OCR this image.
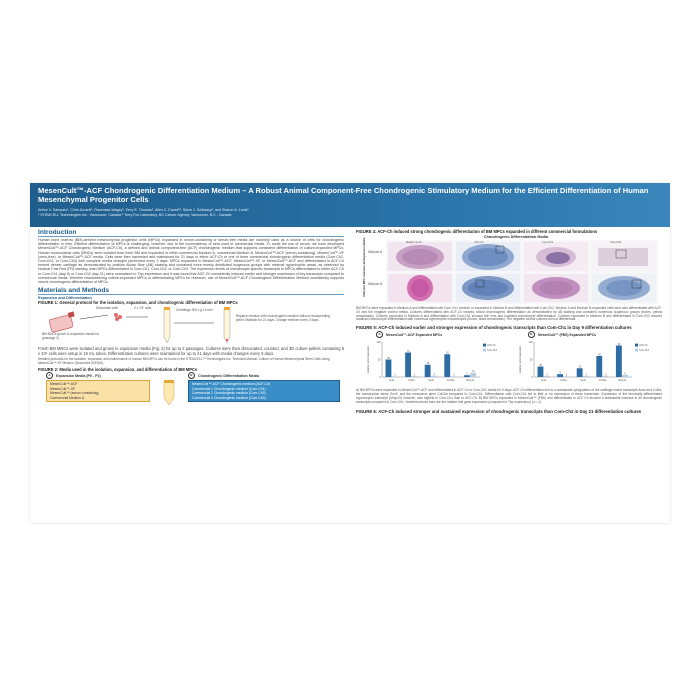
MesenCult™-ACF Chondrogenic Differentiation Medium – A Robust Animal Component-Free Chondrogenic Stimulatory Medium for the Efficient Differentiation of Human Mesenchymal Progenitor Cells
Arthur V. Sampaio¹, Chris Duranti¹, Ravenska Wagey¹, Terry E. Thomas¹, Allen C. Eaves¹², Steve J. Szilvassy¹, and Sharon A. Louis¹
¹ STEMCELL Technologies Inc., Vancouver, Canada ² Terry Fox Laboratory, BC Cancer Agency, Vancouver, B.C., Canada
Introduction

Human bone marrow (BM)-derived mesenchymal progenitor cells (MPCs) expanded in serum-containing or serum-free media are routinely used as a source of cells for chondrogenic differentiation in vitro. Efficient differentiation of MPCs is challenging, however, due to the inconsistency of sera used in commercial media. To avoid the use of serum, we have developed MesenCult™-ACF Chondrogenic Medium (ACF-Ch), a defined and animal component-free (ACF) chondrogenic medium that supports consistent differentiation of culture-expanded MPCs. Human mononuclear cells (MNCs) were isolated from fresh BM and expanded in either commercial Medium A, commercial Medium B, MesenCult™-ACF (serum-containing), MesenCult™-XF (xeno-free), or MesenCult™-ACF media. Cells were then harvested and maintained for 21 days in either ACF-Ch or one of three commercial chondrogenic differentiation media (Com-Ch1, Com-Ch2, or Com-Ch3) with complete media changes performed every 3 days. MPCs expanded in MesenCult™-ACF, MesenCult™-XF, or MesenCult™-ACF and differentiated in ACF-Ch formed denser cartilage as demonstrated by positive Alcian Blue (AB) staining and contained more evenly distributed isogenous groups with minimal hypertrophic areas, as observed by Nuclear Fast Red (FR) staining, than MPCs differentiated in Com-Ch1, Com-Ch2, or Com-Ch3. The expression levels of chondrocyte-specific transcripts in MPCs differentiated in either ACF-Ch or Com-Ch1 (day 9) or Com-Ch2 (day 21) were normalized to Tbp expression and it was found that ACF-Ch consistently induced earlier and stronger expression of key transcripts compared to commercial media. Whether characterizing culture-expanded MPCs or differentiating MPCs for research, use of MesenCult™-ACF Chondrogenic Differentiation Medium consistently supports robust chondrogenic differentiation of MPCs.

Materials and Methods
Expansion and Differentiation
FIGURE 1: General protocol for the isolation, expansion, and chondrogenic differentiation of BM MPCs
Dissociate cells	2 x 10⁵ cells
BM MNCs grown in expansion media for (passage 2)
Centrifuge 300 x g 10 min
Replace medium with chondrogenic medium without resuspending pellet. Maintain for 21 days. Change medium every 3 days.

Fresh BM MNCs were isolated and grown in expansion media (Fig. 2) for up to 2 passages. Cultures were then dissociated, counted, and 3D culture pellets containing 5 x 10⁵ cells were setup in 15 mL tubes. Differentiation cultures were maintained for up to 21 days with media changes every 3 days.

Detailed protocols for the isolation, expansion and maintenance of human BM MPCs can be found in the STEMCELL™ Technologies Inc. Technical Manual: Culture of Human Mesenchymal Stem Cells Using MesenCult™-XF Medium (Document #29184).

FIGURE 2: Media used in the isolation, expansion, and differentiation of BM MPCs
A	Expansion Media (P0 - P2)
MesenCult™-ACF
MesenCult™-XF
MesenCult™ (serum containing)
Commercial Medium A
B	Chondrogenic Differentiation Media
MesenCult™-ACF Chondrogenic medium (ACF-Ch)
Commercial 1 Chondrogenic medium (Com-Ch1)
Commercial 2 Chondrogenic medium (Com-Ch2)
Commercial 3 Chondrogenic medium (Com-Ch3)
FIGURE 4: ACF-Ch induced strong chondrogenic differentiation of BM MPCs expanded in different commercial formulations
Chondrogenic Differentiation Media
Different MPC Commercial Expansion Media Medium A
Medium B
Medium A-Ch	ACF-Ch	Com-Ch1	Com-Ch2

BM MPCs were expanded in Medium A and differentiated with Com-Ch1 medium or expanded in Medium B and differentiated with Com-Ch2. Medium A and Medium B-expanded cells were also differentiated with ACF-Ch and the negative control media. Cultures differentiated with ACF-Ch showed robust chondrogenic differentiation as demonstrated by AB staining and contained numerous isogenous groups (boxes, yellow arrowheads). Cultures expanded in Medium A and differentiated with Com-Ch1 showed thin rims and localized chondrocyte differentiation. Cultures expanded in Medium B and differentiated in Com-Ch2 showed localized chondrocyte differentiation with numerous hypertrophic chondrocytes (boxes, black arrowheads). The negative control cultures did not differentiate.

FIGURE 5: ACF-Ch induced earlier and stronger expression of chondrogenic transcripts than Com-Ch1 in Day 9 differentiation cultures
A	MesenCult™-ACF Expanded MPCs	B	MesenCult™ (FBS) Expanded MPCs
Relative Gene Expression
0
50
100
50
2
Acan
70
3
Col2a
35
4
Sox9
65
2
Col10a
5
12
Mmp13
ACF-Ch
Com-Ch1	Relative Gene Expression
0
50
100
30
3
Acan
8
2
Col2a
25
3
Sox9
60
4
Col10a
90
6
Mmp13
ACF-Ch
Com-Ch1

A) BM MPCs were expanded in MesenCult™-ACF and differentiated in ACF-Ch or Com-Ch1 media for 9 days. ACF-Ch differentiation led to a substantial upregulation of the cartilage matrix transcripts Acan and Col2a, the transcription factor Sox9, and the mesoderm gene Col10a compared to Com-Ch1. Differentiation with Com-Ch1 led to little or no expression of these transcripts. Expression of the terminally differentiated hypertrophic transcript (Mmp13) however, was highest in Com-Ch1 than in ACF-Ch. B) BM MPCs expanded in MesenCult™ (FBS) and differentiated in ACF-Ch showed a substantial increase in all chondrogenic transcripts compared to Com-Ch1. Numbers above bars are the relative fold gene expression (compared to Tbp expression) (n = 1).

FIGURE 6: ACF-Ch induced stronger and sustained expression of chondrogenic transcripts than Com-Ch2 in Day 21 differentiation cultures
